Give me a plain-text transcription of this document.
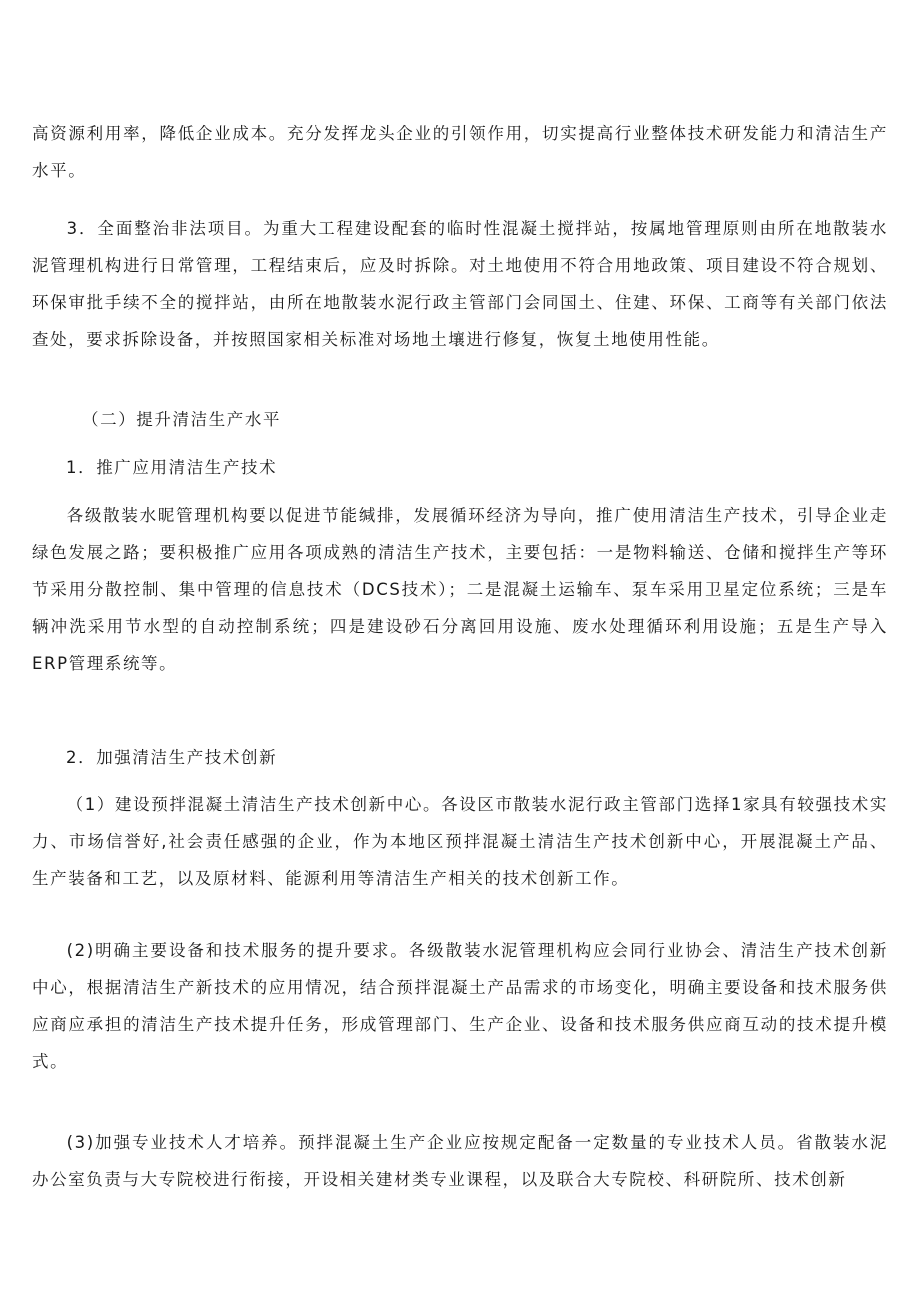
高资源利用率，降低企业成本。充分发挥龙头企业的引领作用，切实提高行业整体技术研发能力和清洁生产水平。

3．全面整治非法项目。为重大工程建设配套的临时性混凝土搅拌站，按属地管理原则由所在地散装水泥管理机构进行日常管理，工程结束后，应及时拆除。对土地使用不符合用地政策、项目建设不符合规划、环保审批手续不全的搅拌站，由所在地散装水泥行政主管部门会同国土、住建、环保、工商等有关部门依法查处，要求拆除设备，并按照国家相关标准对场地土壤进行修复，恢复土地使用性能。

（二）提升清洁生产水平

1．推广应用清洁生产技术

各级散装水昵管理机构要以促进节能缄排，发展循环经济为导向，推广使用清洁生产技术，引导企业走绿色发展之路；要积极推广应用各项成熟的清洁生产技术，主要包括：一是物料输送、仓储和搅拌生产等环节采用分散控制、集中管理的信息技术（DCS技术）；二是混凝土运输车、泵车采用卫星定位系统；三是车辆冲洗采用节水型的自动控制系统；四是建设砂石分离回用设施、废水处理循环利用设施；五是生产导入ERP管理系统等。

2．加强清洁生产技术创新

（1）建设预拌混凝土清洁生产技术创新中心。各设区市散装水泥行政主管部门选择1家具有较强技术实力、市场信誉好,社会责任感强的企业，作为本地区预拌混凝土清洁生产技术创新中心，开展混凝土产品、生产装备和工艺，以及原材料、能源利用等清洁生产相关的技术创新工作。

(2)明确主要设备和技术服务的提升要求。各级散装水泥管理机构应会同行业协会、清洁生产技术创新中心，根据清洁生产新技术的应用情况，结合预拌混凝土产品需求的市场变化，明确主要设备和技术服务供应商应承担的清洁生产技术提升任务，形成管理部门、生产企业、设备和技术服务供应商互动的技术提升模式。

(3)加强专业技术人才培养。预拌混凝土生产企业应按规定配备一定数量的专业技术人员。省散装水泥办公室负责与大专院校进行衔接，开设相关建材类专业课程，以及联合大专院校、科研院所、技术创新
